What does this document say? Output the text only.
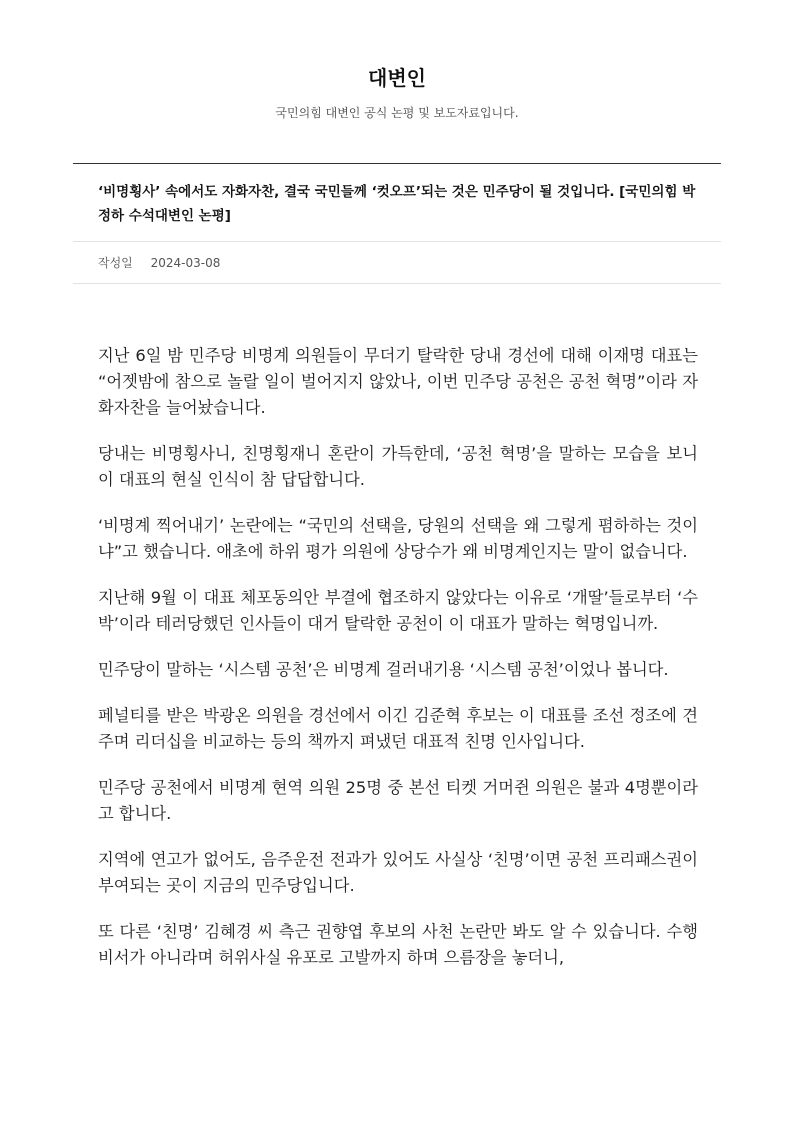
대변인
국민의힘 대변인 공식 논평 및 보도자료입니다.
‘비명횡사’ 속에서도 자화자찬, 결국 국민들께 ‘컷오프’되는 것은 민주당이 될 것입니다. [국민의힘 박정하 수석대변인 논평]
작성일 2024-03-08

지난 6일 밤 민주당 비명계 의원들이 무더기 탈락한 당내 경선에 대해 이재명 대표는 “어젯밤에 참으로 놀랄 일이 벌어지지 않았나, 이번 민주당 공천은 공천 혁명”이라 자화자찬을 늘어놨습니다.

당내는 비명횡사니, 친명횡재니 혼란이 가득한데, ‘공천 혁명’을 말하는 모습을 보니 이 대표의 현실 인식이 참 답답합니다.

‘비명계 찍어내기’ 논란에는 “국민의 선택을, 당원의 선택을 왜 그렇게 폄하하는 것이냐”고 했습니다. 애초에 하위 평가 의원에 상당수가 왜 비명계인지는 말이 없습니다.

지난해 9월 이 대표 체포동의안 부결에 협조하지 않았다는 이유로 ‘개딸’들로부터 ‘수박’이라 테러당했던 인사들이 대거 탈락한 공천이 이 대표가 말하는 혁명입니까.

민주당이 말하는 ‘시스템 공천’은 비명계 걸러내기용 ‘시스템 공천’이었나 봅니다.

페널티를 받은 박광온 의원을 경선에서 이긴 김준혁 후보는 이 대표를 조선 정조에 견주며 리더십을 비교하는 등의 책까지 펴냈던 대표적 친명 인사입니다.

민주당 공천에서 비명계 현역 의원 25명 중 본선 티켓 거머쥔 의원은 불과 4명뿐이라고 합니다.

지역에 연고가 없어도, 음주운전 전과가 있어도 사실상 ‘친명’이면 공천 프리패스권이 부여되는 곳이 지금의 민주당입니다.

또 다른 ‘친명’ 김혜경 씨 측근 권향엽 후보의 사천 논란만 봐도 알 수 있습니다. 수행비서가 아니라며 허위사실 유포로 고발까지 하며 으름장을 놓더니,
